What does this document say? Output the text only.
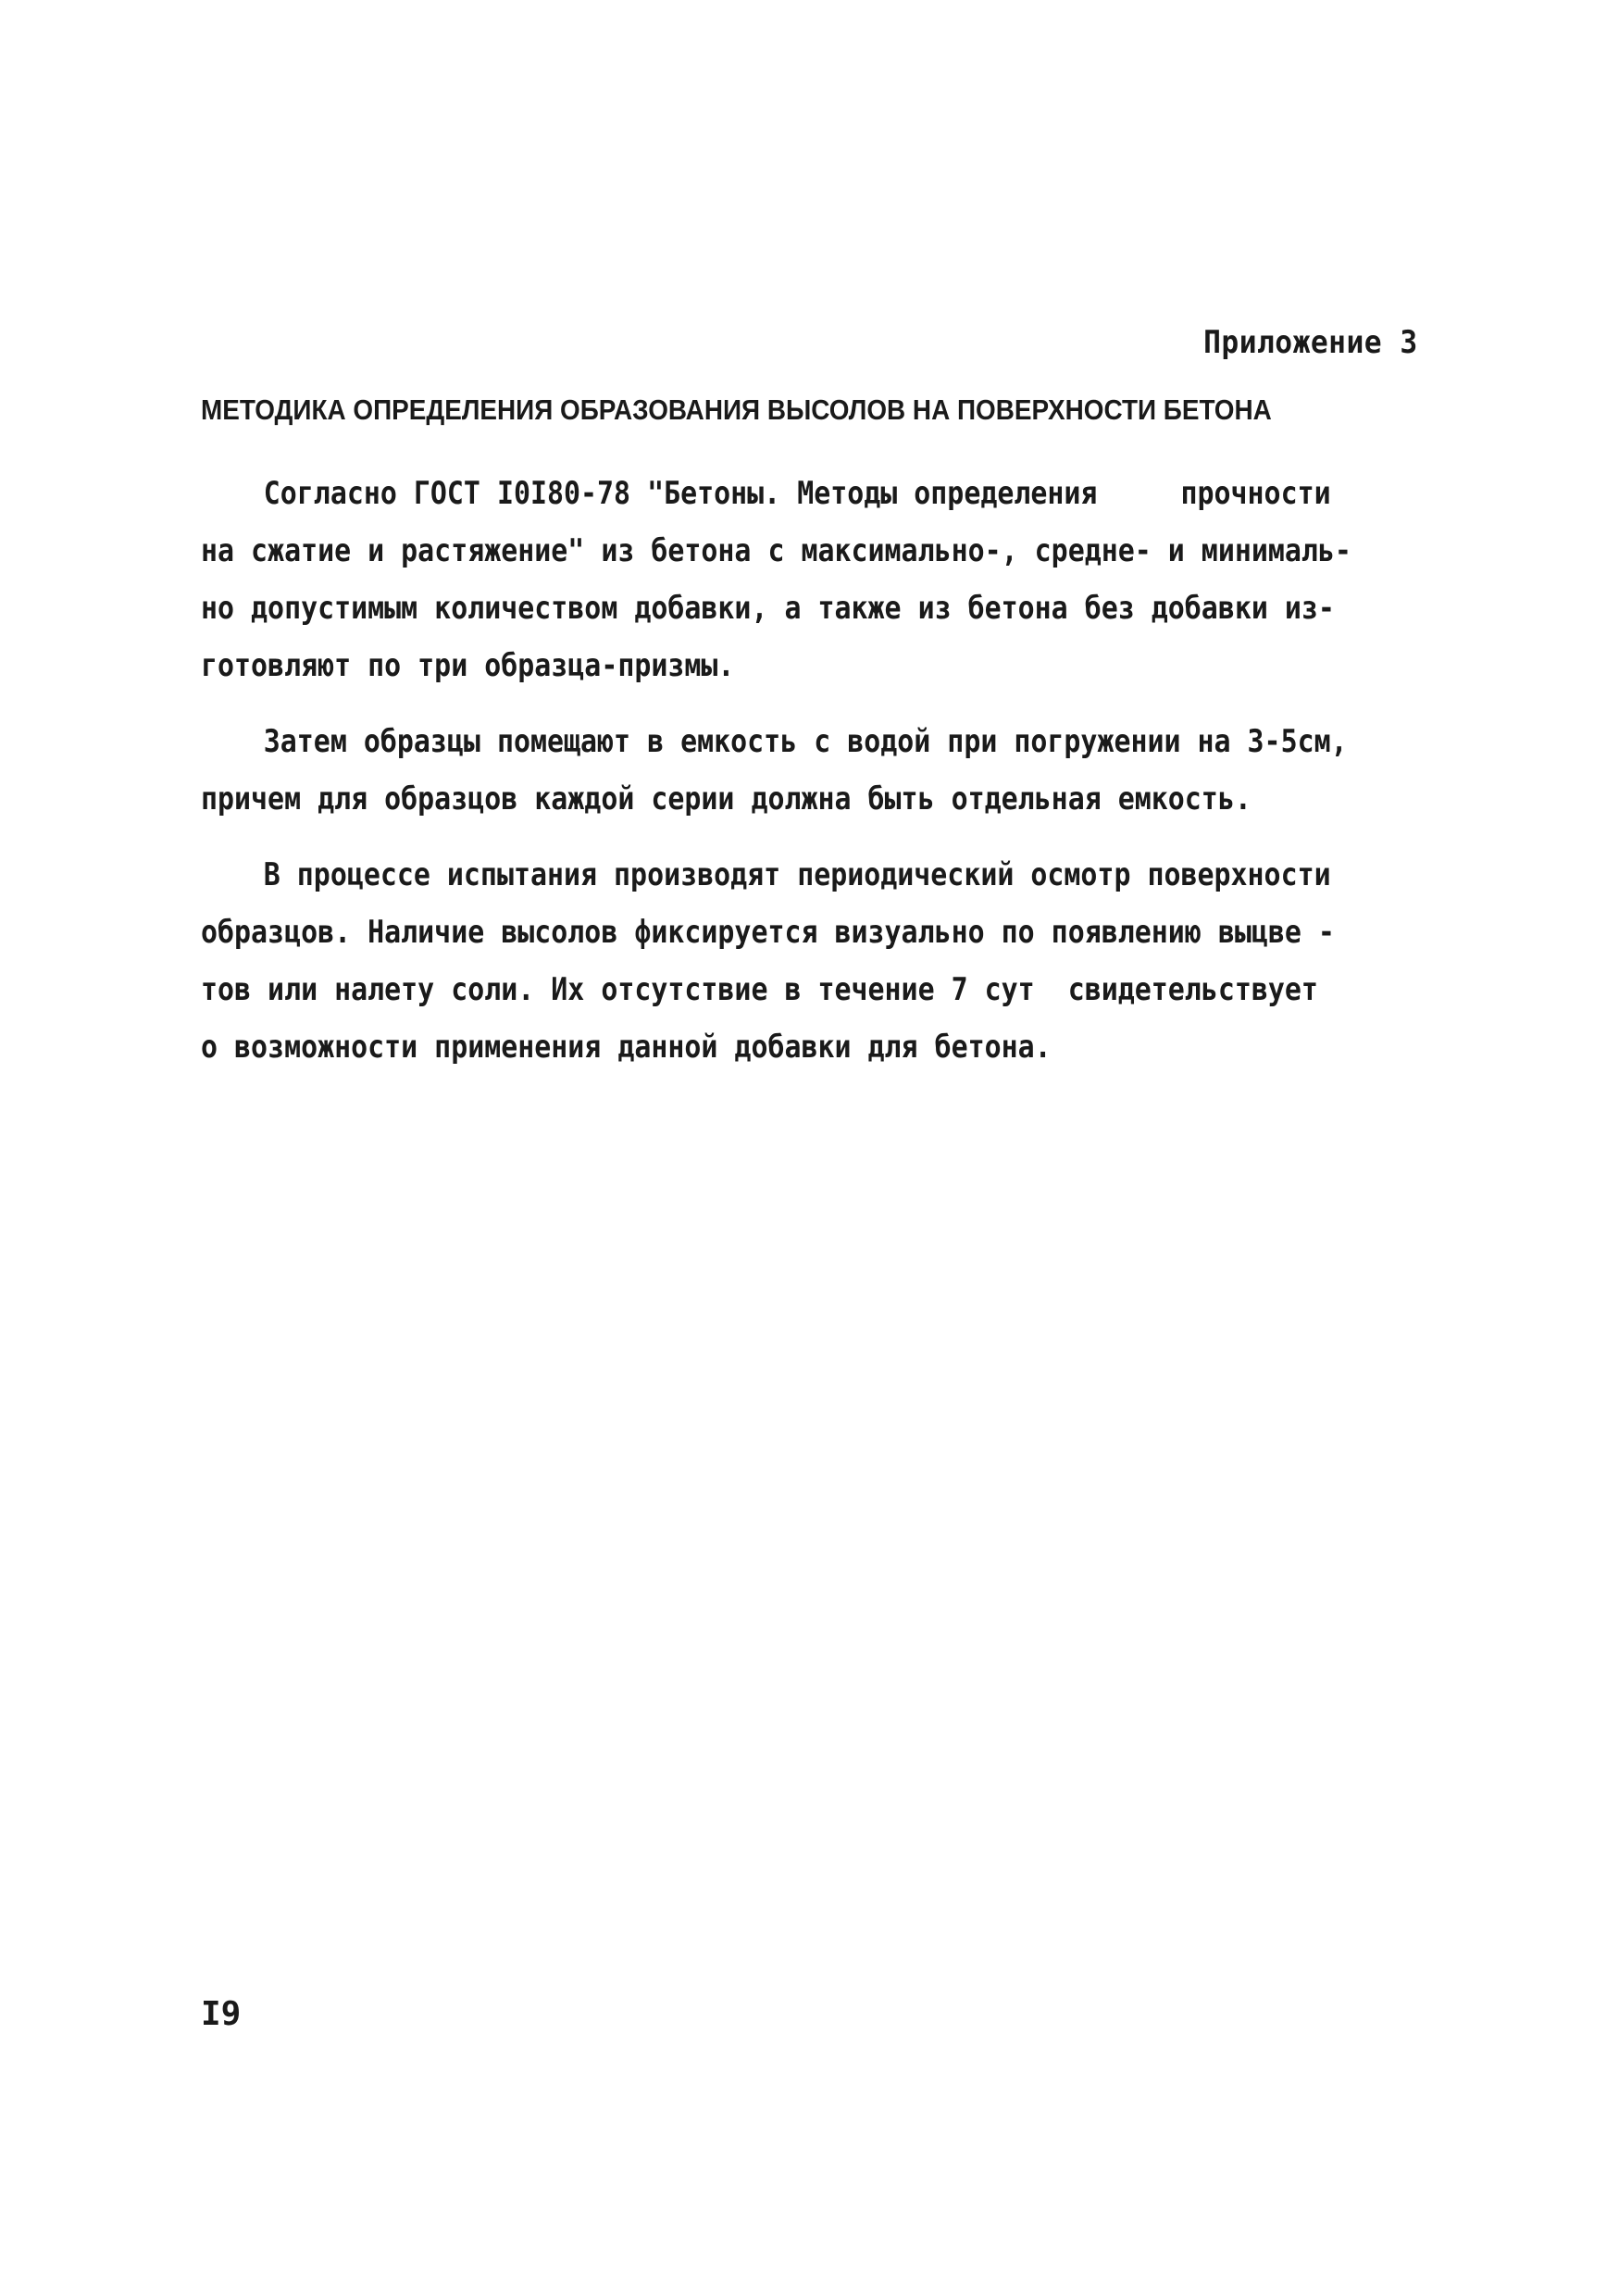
Приложение 3
МЕТОДИКА ОПРЕДЕЛЕНИЯ ОБРАЗОВАНИЯ ВЫСОЛОВ НА ПОВЕРХНОСТИ БЕТОНА
Согласно ГОСТ I0I80-78 "Бетоны. Методы определения     прочности
на сжатие и растяжение" из бетона с максимально-, средне- и минималь-
но допустимым количеством добавки, а также из бетона без добавки из-
готовляют по три образца-призмы.
Затем образцы помещают в емкость с водой при погружении на 3-5см,
причем для образцов каждой серии должна быть отдельная емкость.
В процессе испытания производят периодический осмотр поверхности
образцов. Наличие высолов фиксируется визуально по появлению выцве -
тов или налету соли. Их отсутствие в течение 7 сут  свидетельствует
о возможности применения данной добавки для бетона.
I9
